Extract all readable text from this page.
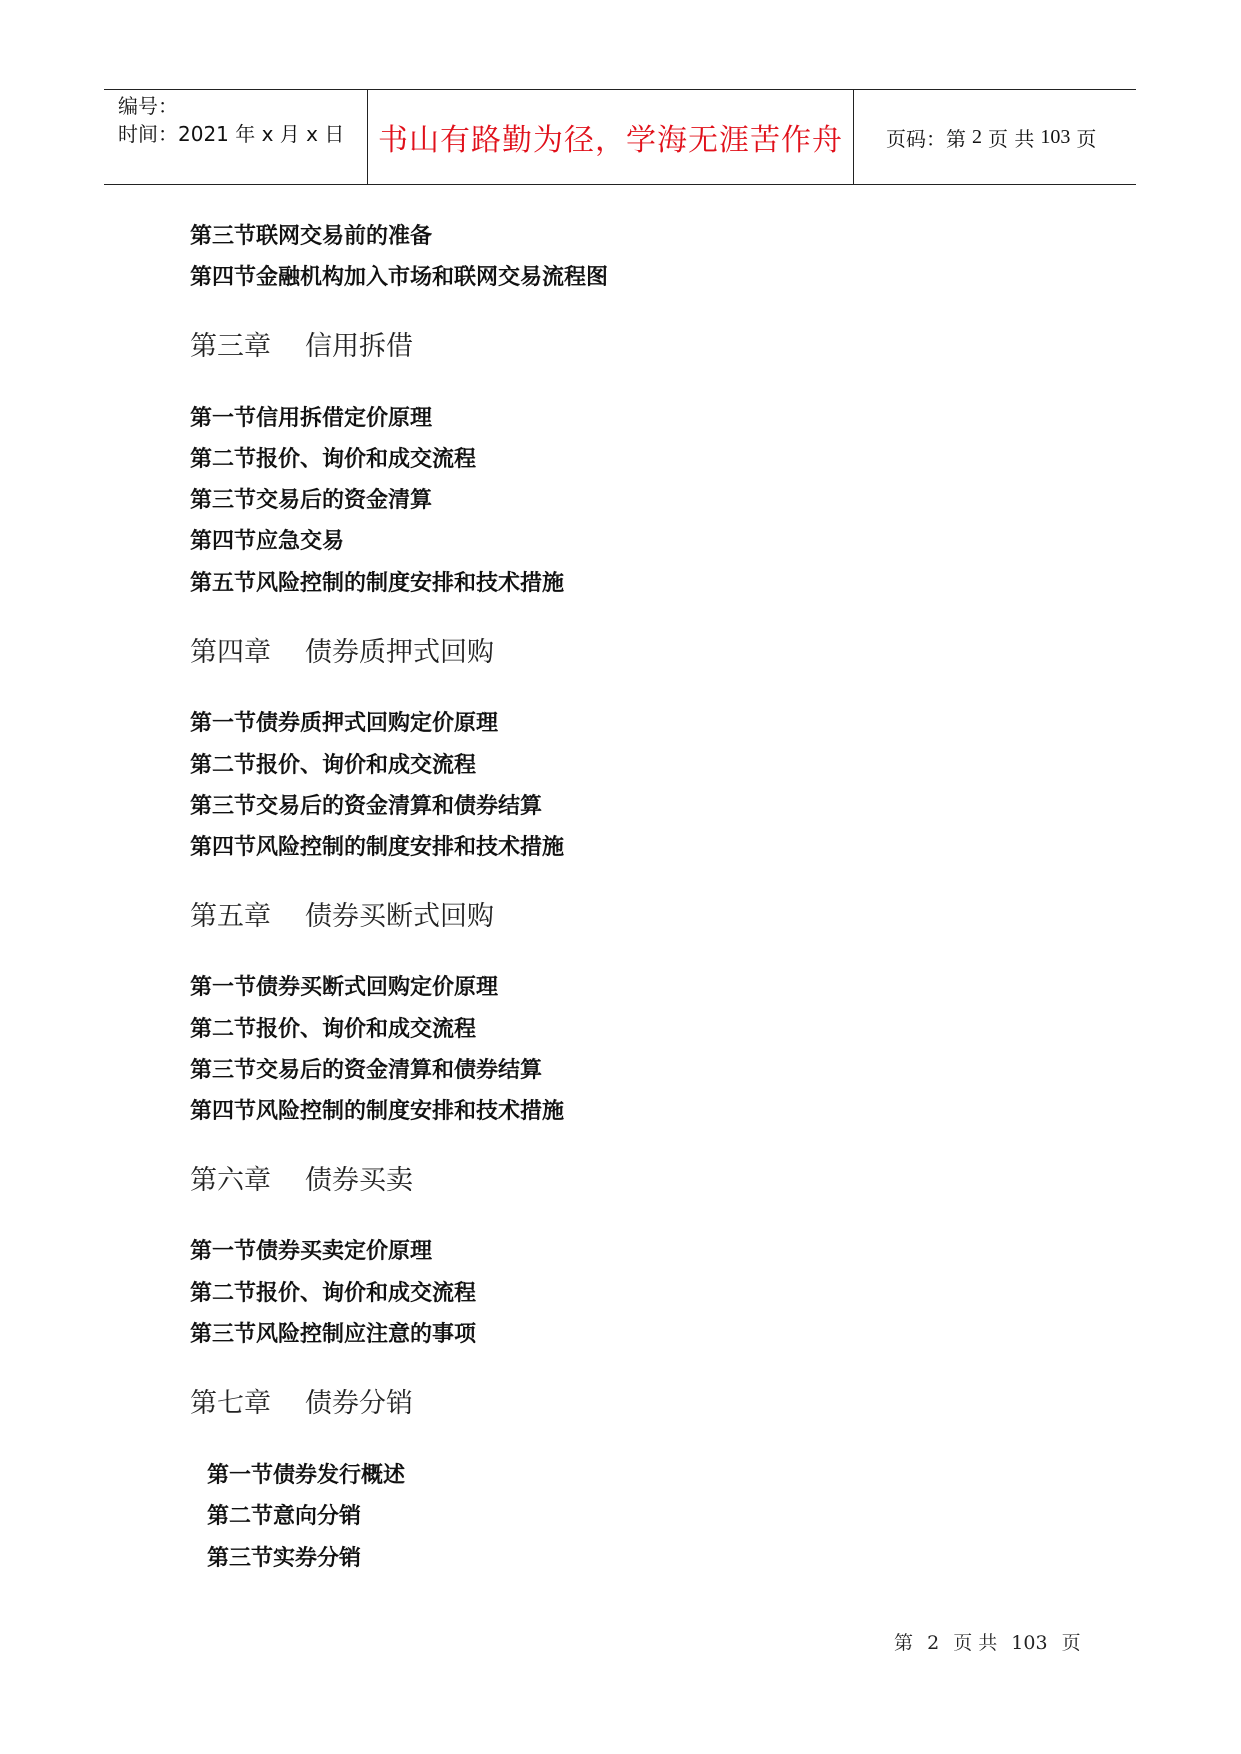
编号：
时间：2021 年 x 月 x 日	书山有路勤为径，学海无涯苦作舟	页码：第 2 页 共 103 页
第三节联网交易前的准备
第四节金融机构加入市场和联网交易流程图
第三章 信用拆借
第一节信用拆借定价原理
第二节报价、询价和成交流程
第三节交易后的资金清算
第四节应急交易
第五节风险控制的制度安排和技术措施
第四章 债券质押式回购
第一节债券质押式回购定价原理
第二节报价、询价和成交流程
第三节交易后的资金清算和债券结算
第四节风险控制的制度安排和技术措施
第五章 债券买断式回购
第一节债券买断式回购定价原理
第二节报价、询价和成交流程
第三节交易后的资金清算和债券结算
第四节风险控制的制度安排和技术措施
第六章 债券买卖
第一节债券买卖定价原理
第二节报价、询价和成交流程
第三节风险控制应注意的事项
第七章 债券分销
第一节债券发行概述
第二节意向分销
第三节实券分销
第 2 页 共 103 页
